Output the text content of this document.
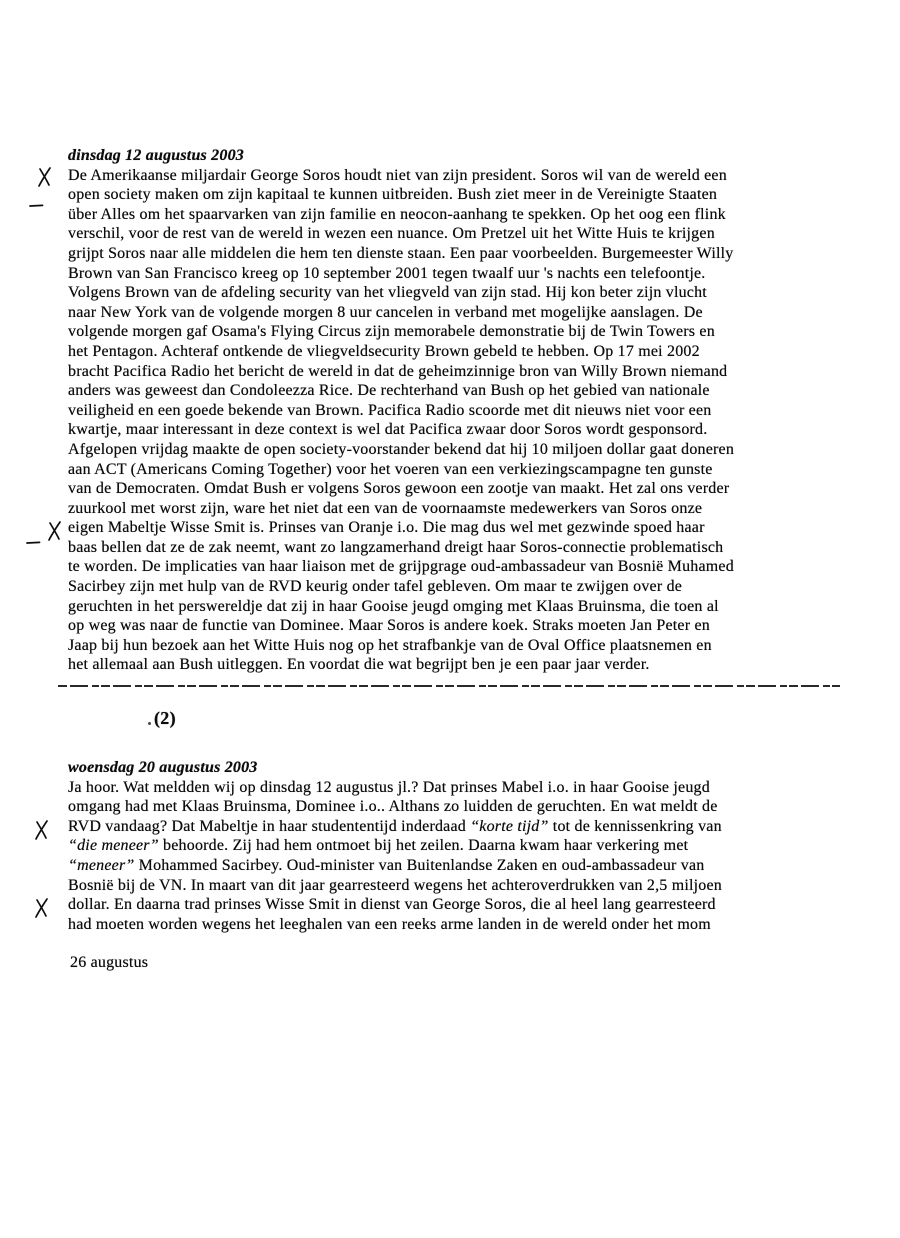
dinsdag 12 augustus 2003
De Amerikaanse miljardair George Soros houdt niet van zijn president. Soros wil van de wereld een
open society maken om zijn kapitaal te kunnen uitbreiden. Bush ziet meer in de Vereinigte Staaten
über Alles om het spaarvarken van zijn familie en neocon-aanhang te spekken. Op het oog een flink
verschil, voor de rest van de wereld in wezen een nuance. Om Pretzel uit het Witte Huis te krijgen
grijpt Soros naar alle middelen die hem ten dienste staan. Een paar voorbeelden. Burgemeester Willy
Brown van San Francisco kreeg op 10 september 2001 tegen twaalf uur 's nachts een telefoontje.
Volgens Brown van de afdeling security van het vliegveld van zijn stad. Hij kon beter zijn vlucht
naar New York van de volgende morgen 8 uur cancelen in verband met mogelijke aanslagen. De
volgende morgen gaf Osama's Flying Circus zijn memorabele demonstratie bij de Twin Towers en
het Pentagon. Achteraf ontkende de vliegveldsecurity Brown gebeld te hebben. Op 17 mei 2002
bracht Pacifica Radio het bericht de wereld in dat de geheimzinnige bron van Willy Brown niemand
anders was geweest dan Condoleezza Rice. De rechterhand van Bush op het gebied van nationale
veiligheid en een goede bekende van Brown. Pacifica Radio scoorde met dit nieuws niet voor een
kwartje, maar interessant in deze context is wel dat Pacifica zwaar door Soros wordt gesponsord.
Afgelopen vrijdag maakte de open society-voorstander bekend dat hij 10 miljoen dollar gaat doneren
aan ACT (Americans Coming Together) voor het voeren van een verkiezingscampagne ten gunste
van de Democraten. Omdat Bush er volgens Soros gewoon een zootje van maakt. Het zal ons verder
zuurkool met worst zijn, ware het niet dat een van de voornaamste medewerkers van Soros onze
eigen Mabeltje Wisse Smit is. Prinses van Oranje i.o. Die mag dus wel met gezwinde spoed haar
baas bellen dat ze de zak neemt, want zo langzamerhand dreigt haar Soros-connectie problematisch
te worden. De implicaties van haar liaison met de grijpgrage oud-ambassadeur van Bosnië Muhamed
Sacirbey zijn met hulp van de RVD keurig onder tafel gebleven. Om maar te zwijgen over de
geruchten in het perswereldje dat zij in haar Gooise jeugd omging met Klaas Bruinsma, die toen al
op weg was naar de functie van Dominee. Maar Soros is andere koek. Straks moeten Jan Peter en
Jaap bij hun bezoek aan het Witte Huis nog op het strafbankje van de Oval Office plaatsnemen en
het allemaal aan Bush uitleggen. En voordat die wat begrijpt ben je een paar jaar verder.
(2)
woensdag 20 augustus 2003
Ja hoor. Wat meldden wij op dinsdag 12 augustus jl.? Dat prinses Mabel i.o. in haar Gooise jeugd
omgang had met Klaas Bruinsma, Dominee i.o.. Althans zo luidden de geruchten. En wat meldt de
RVD vandaag? Dat Mabeltje in haar studententijd inderdaad “korte tijd” tot de kennissenkring van
“die meneer” behoorde. Zij had hem ontmoet bij het zeilen. Daarna kwam haar verkering met
“meneer” Mohammed Sacirbey. Oud-minister van Buitenlandse Zaken en oud-ambassadeur van
Bosnië bij de VN. In maart van dit jaar gearresteerd wegens het achteroverdrukken van 2,5 miljoen
dollar. En daarna trad prinses Wisse Smit in dienst van George Soros, die al heel lang gearresteerd
had moeten worden wegens het leeghalen van een reeks arme landen in de wereld onder het mom
26 augustus
